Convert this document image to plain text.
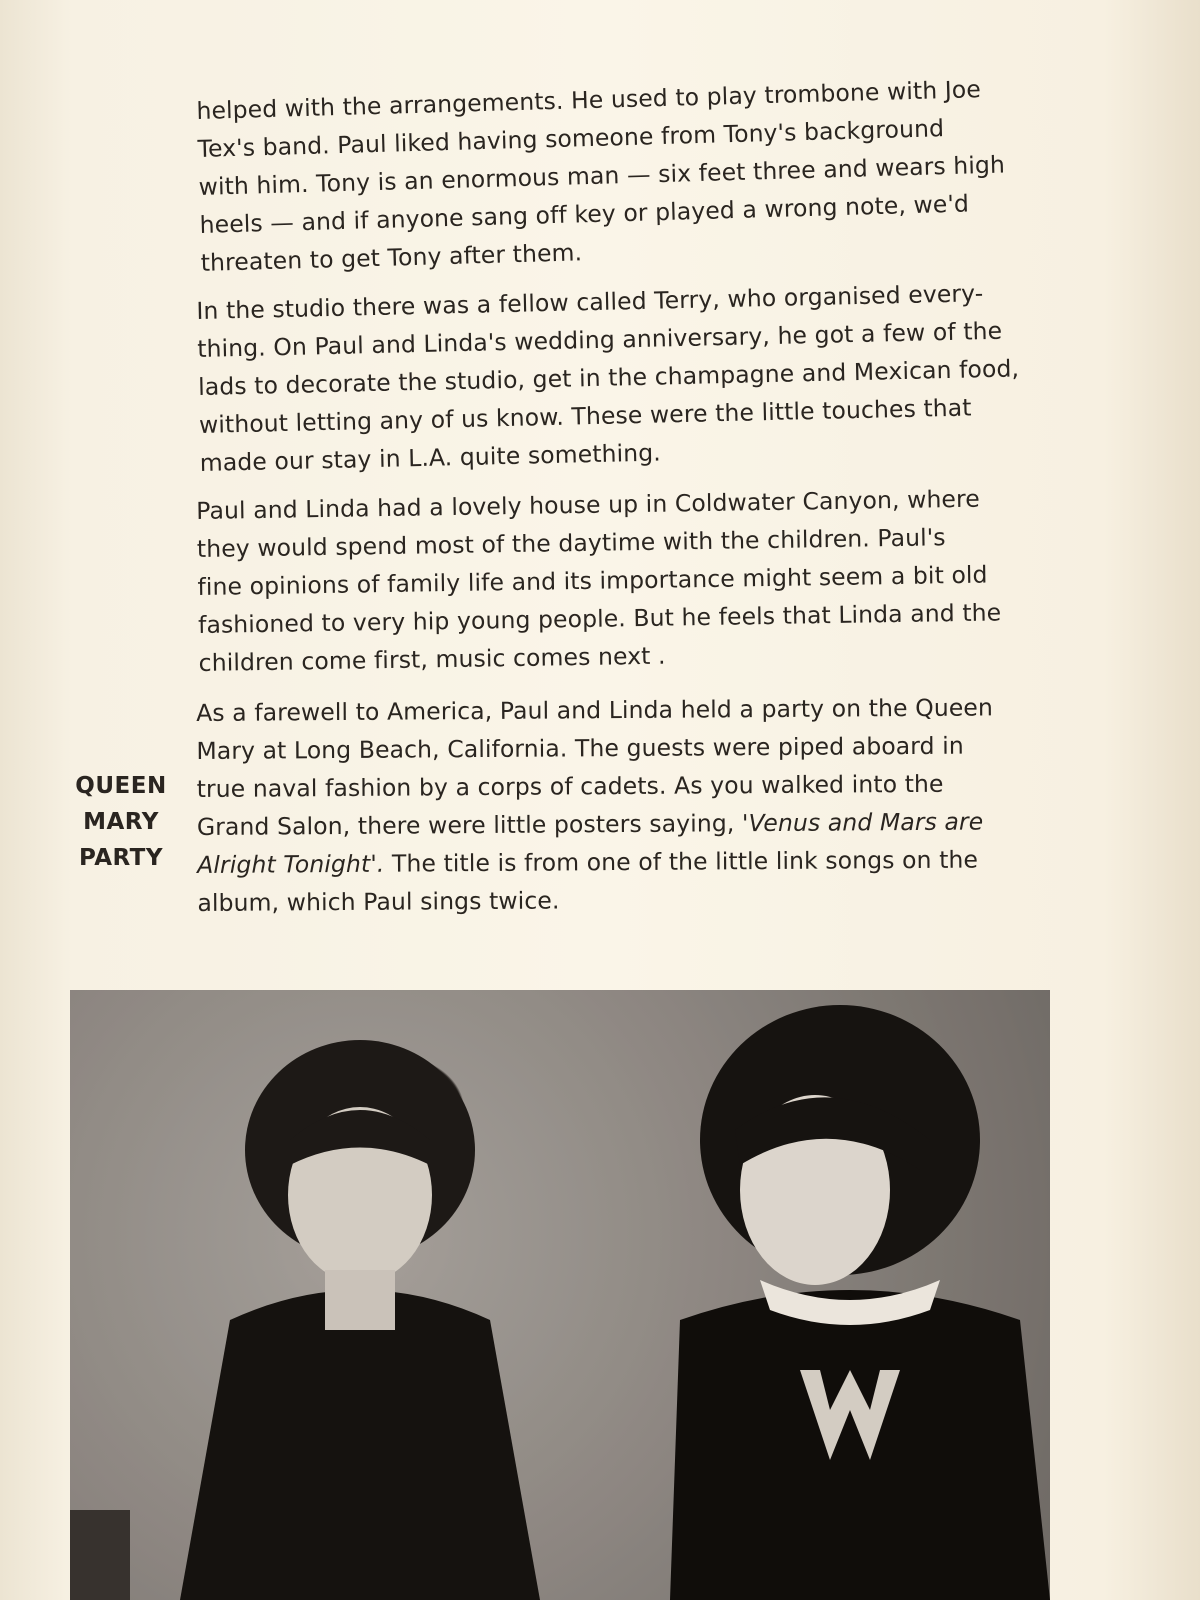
helped with the arrangements. He used to play trombone with Joe
Tex's band. Paul liked having someone from Tony's background
with him. Tony is an enormous man — six feet three and wears high
heels — and if anyone sang off key or played a wrong note, we'd
threaten to get Tony after them.

In the studio there was a fellow called Terry, who organised every-
thing. On Paul and Linda's wedding anniversary, he got a few of the
lads to decorate the studio, get in the champagne and Mexican food,
without letting any of us know. These were the little touches that
made our stay in L.A. quite something.

Paul and Linda had a lovely house up in Coldwater Canyon, where
they would spend most of the daytime with the children. Paul's
fine opinions of family life and its importance might seem a bit old
fashioned to very hip young people. But he feels that Linda and the
children come first, music comes next .

As a farewell to America, Paul and Linda held a party on the Queen
Mary at Long Beach, California. The guests were piped aboard in
true naval fashion by a corps of cadets. As you walked into the
Grand Salon, there were little posters saying, 'Venus and Mars are
Alright Tonight'. The title is from one of the little link songs on the
album, which Paul sings twice.

QUEEN
MARY
PARTY
